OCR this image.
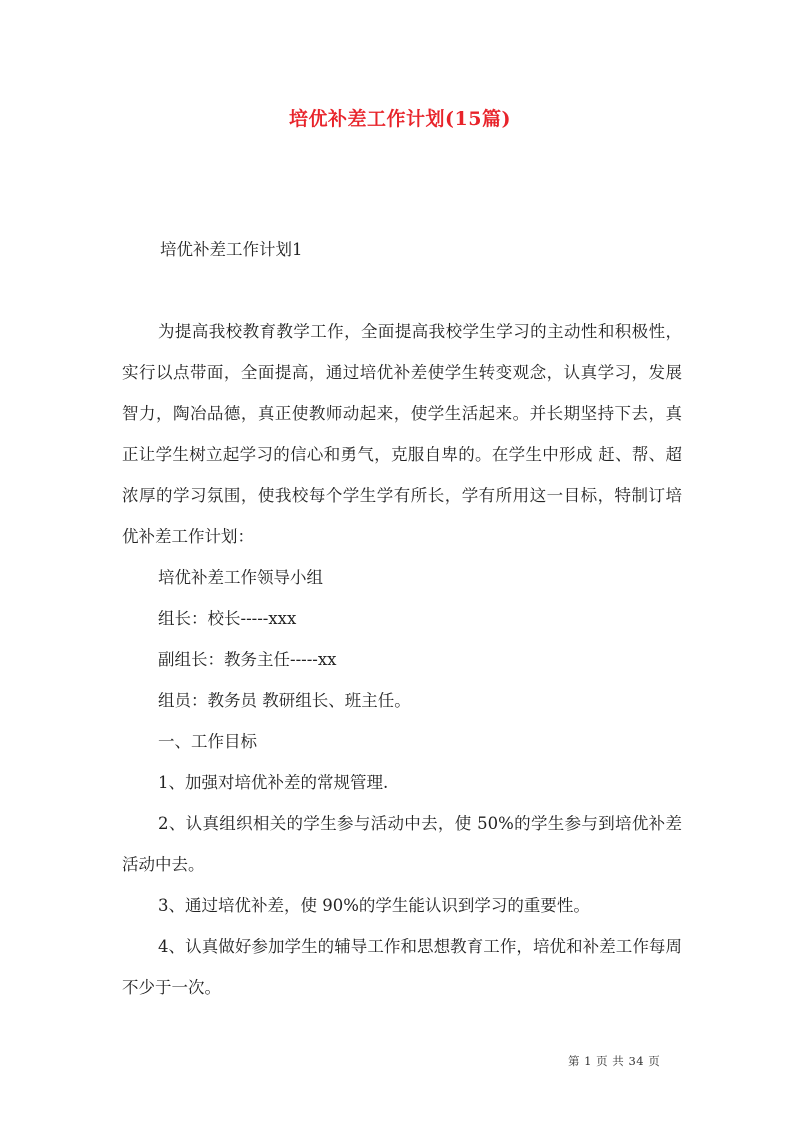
培优补差工作计划(15篇)
培优补差工作计划1

为提高我校教育教学工作，全面提高我校学生学习的主动性和积极性，实行以点带面，全面提高，通过培优补差使学生转变观念，认真学习，发展智力，陶冶品德，真正使教师动起来，使学生活起来。并长期坚持下去，真正让学生树立起学习的信心和勇气，克服自卑的。在学生中形成 赶、帮、超 浓厚的学习氛围，使我校每个学生学有所长，学有所用这一目标，特制订培优补差工作计划：

培优补差工作领导小组

组长：校长-----xxx

副组长：教务主任-----xx

组员：教务员 教研组长、班主任。

一、工作目标

1、加强对培优补差的常规管理.

2、认真组织相关的学生参与活动中去，使 50%的学生参与到培优补差活动中去。

3、通过培优补差，使 90%的学生能认识到学习的重要性。

4、认真做好参加学生的辅导工作和思想教育工作，培优和补差工作每周不少于一次。

第 1 页 共 34 页
